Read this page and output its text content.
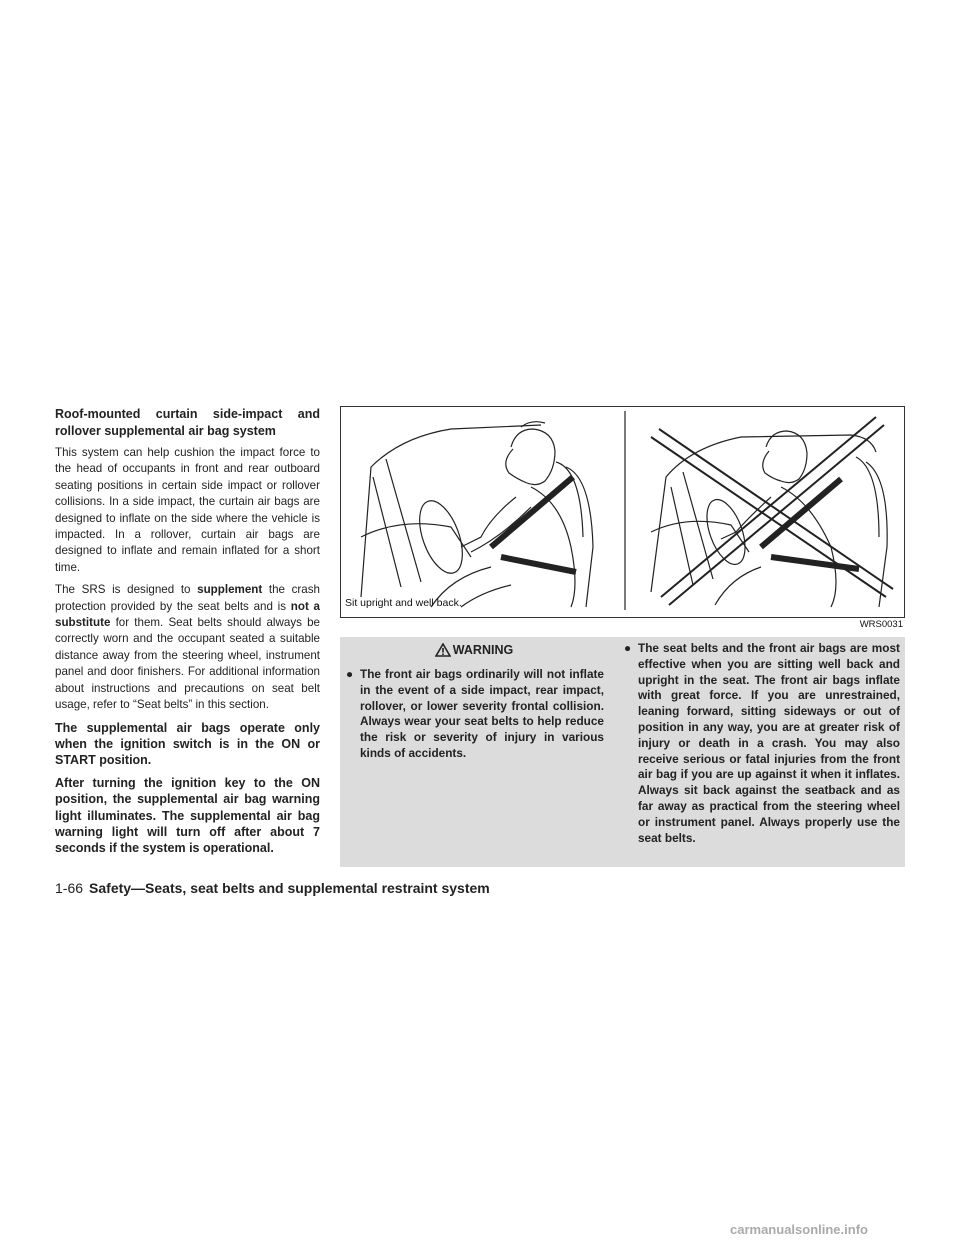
Roof-mounted curtain side-impact and rollover supplemental air bag system

This system can help cushion the impact force to the head of occupants in front and rear outboard seating positions in certain side impact or rollover collisions. In a side impact, the curtain air bags are designed to inflate on the side where the vehicle is impacted. In a rollover, curtain air bags are designed to inflate and remain inflated for a short time.

The SRS is designed to supplement the crash protection provided by the seat belts and is not a substitute for them. Seat belts should always be correctly worn and the occupant seated a suitable distance away from the steering wheel, instrument panel and door finishers. For additional information about instructions and precautions on seat belt usage, refer to “Seat belts” in this section.

The supplemental air bags operate only when the ignition switch is in the ON or START position.

After turning the ignition key to the ON position, the supplemental air bag warning light illuminates. The supplemental air bag warning light will turn off after about 7 seconds if the system is operational.

Sit upright and well back.
WRS0031
WARNING
● The front air bags ordinarily will not inflate in the event of a side impact, rear impact, rollover, or lower severity frontal collision. Always wear your seat belts to help reduce the risk or severity of injury in various kinds of accidents.
● The seat belts and the front air bags are most effective when you are sitting well back and upright in the seat. The front air bags inflate with great force. If you are unrestrained, leaning forward, sitting sideways or out of position in any way, you are at greater risk of injury or death in a crash. You may also receive serious or fatal injuries from the front air bag if you are up against it when it inflates. Always sit back against the seatback and as far away as practical from the steering wheel or instrument panel. Always properly use the seat belts.
1-66 Safety—Seats, seat belts and supplemental restraint system
carmanualsonline.info
